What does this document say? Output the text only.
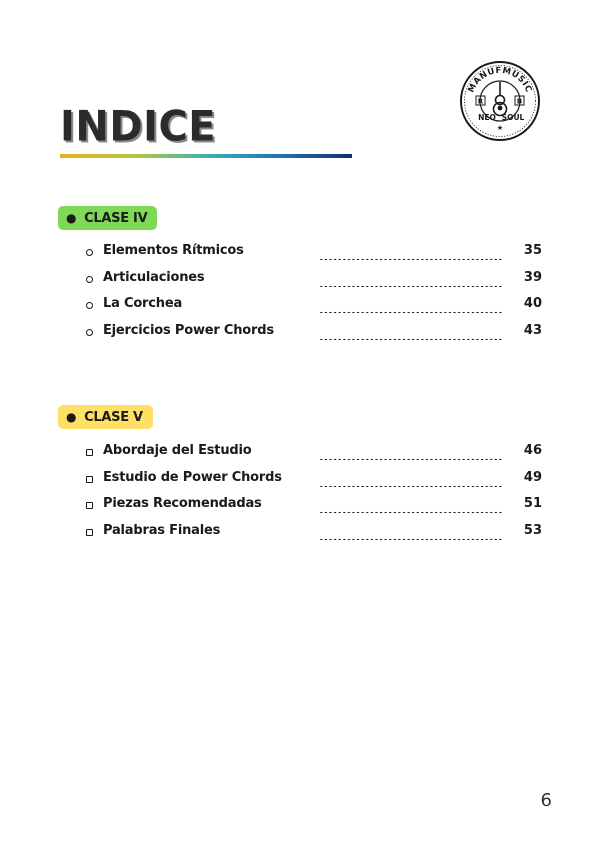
INDICE
MANUFMUSIC
NEO SOUL
★
R	B
● CLASE IV
Elementos Rítmicos	35
Articulaciones	39
La Corchea	40
Ejercicios Power Chords	43
● CLASE V
Abordaje del Estudio	46
Estudio de Power Chords	49
Piezas Recomendadas	51
Palabras Finales	53
6
